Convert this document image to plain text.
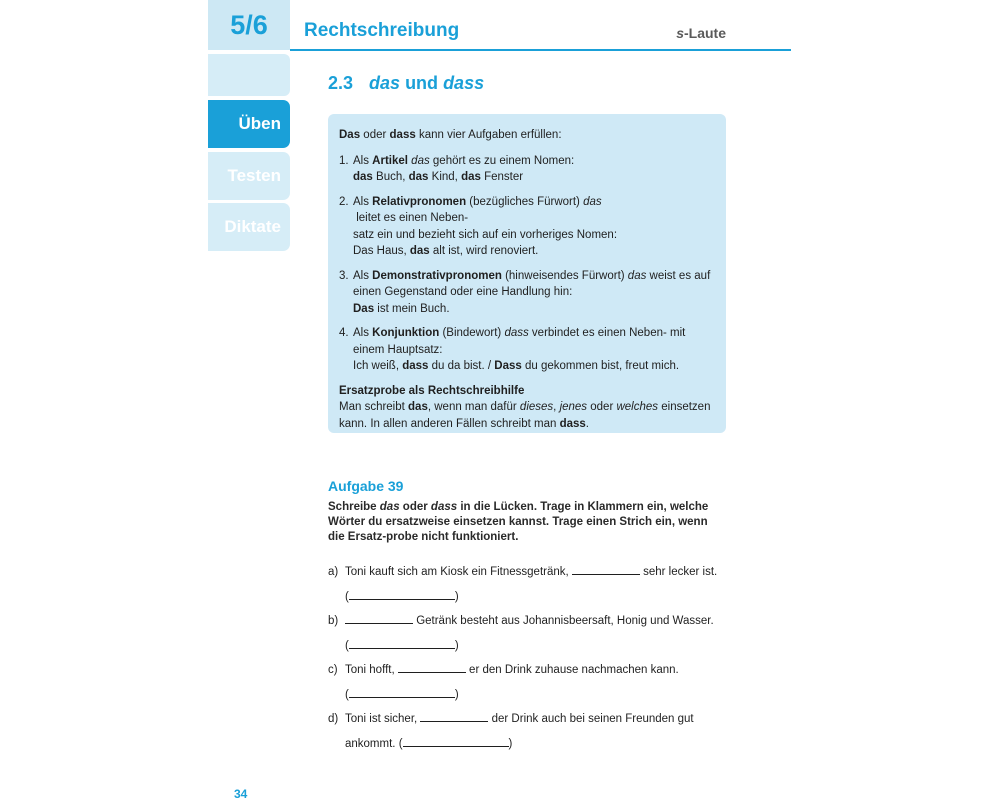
5/6
Üben
Testen
Diktate
Rechtschreibung	s-Laute
2.3 das und dass

Das oder dass kann vier Aufgaben erfüllen:

1. Als Artikel das gehört es zu einem Nomen:
das Buch, das Kind, das Fenster
2. Als Relativpronomen (bezügliches Fürwort) das leitet es einen Neben-
satz ein und bezieht sich auf ein vorheriges Nomen:
Das Haus, das alt ist, wird renoviert.
3. Als Demonstrativpronomen (hinweisendes Fürwort) das weist es auf
einen Gegenstand oder eine Handlung hin:
Das ist mein Buch.
4. Als Konjunktion (Bindewort) dass verbindet es einen Neben- mit
einem Hauptsatz:
Ich weiß, dass du da bist. / Dass du gekommen bist, freut mich.

Ersatzprobe als Rechtschreibhilfe

Man schreibt das, wenn man dafür dieses, jenes oder welches einsetzen
kann. In allen anderen Fällen schreibt man dass.

Aufgabe 39
Schreibe das oder dass in die Lücken. Trage in Klammern ein, welche Wörter du ersatzweise einsetzen kannst. Trage einen Strich ein, wenn die Ersatz-probe nicht funktioniert.
a) Toni kauft sich am Kiosk ein Fitnessgetränk,	sehr lecker ist.
(	)
b)	Getränk besteht aus Johannisbeersaft, Honig und Wasser.
(	)
c) Toni hofft,	er den Drink zuhause nachmachen kann.
(	)
d) Toni ist sicher,	der Drink auch bei seinen Freunden gut
ankommt. (	)
34
